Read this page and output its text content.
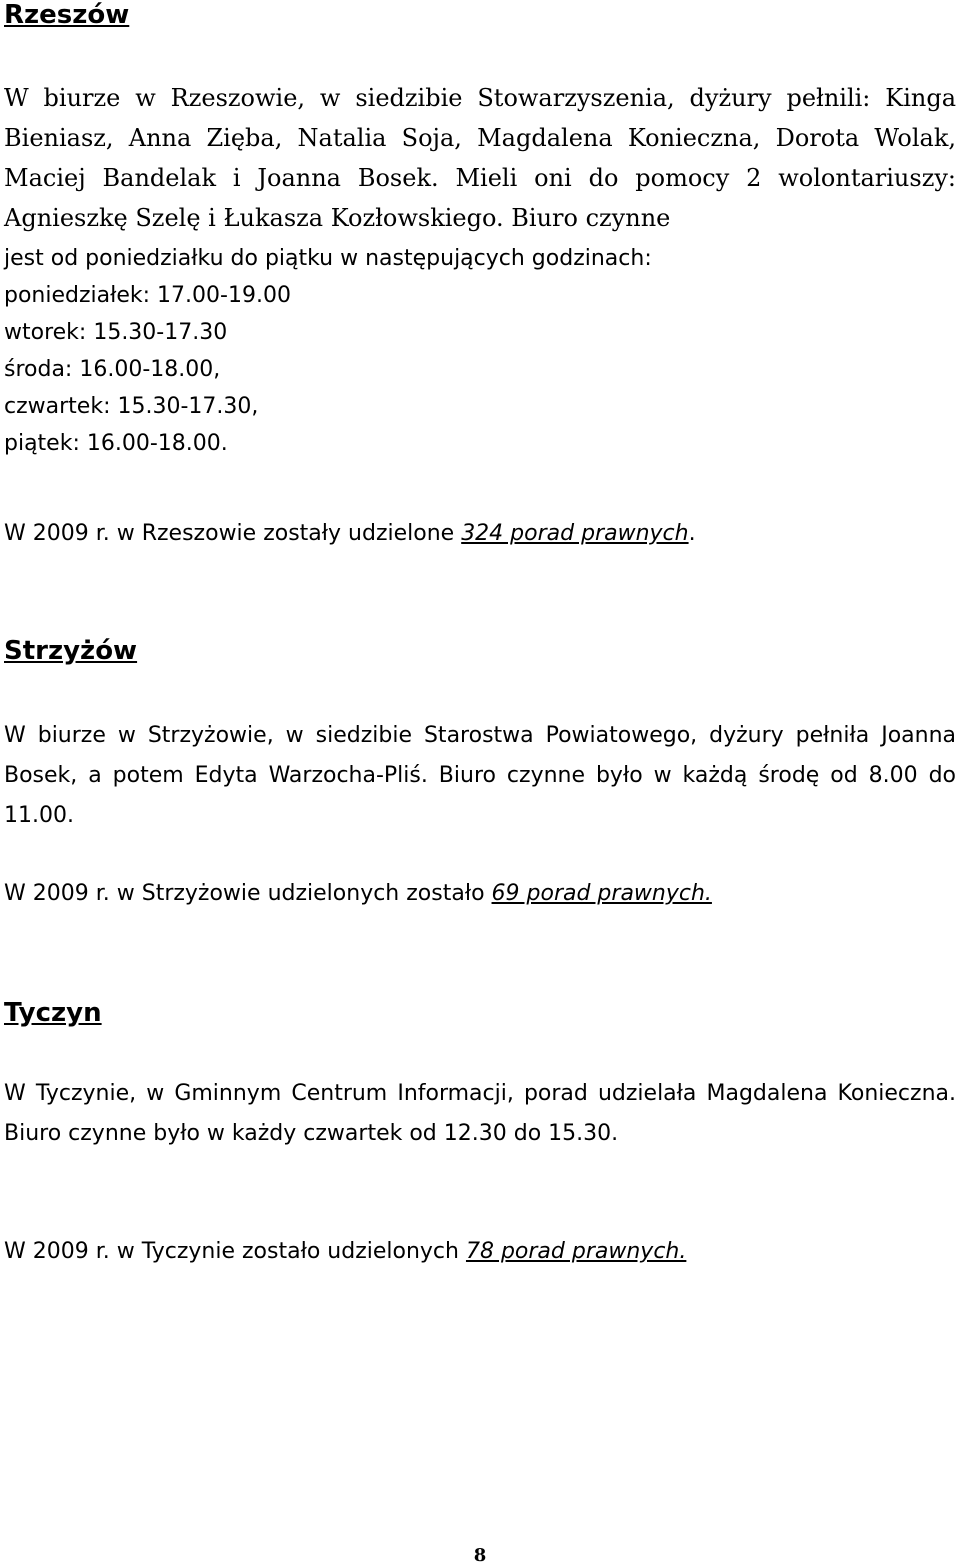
Rzeszów

W biurze w Rzeszowie, w siedzibie Stowarzyszenia, dyżury pełnili: Kinga Bieniasz, Anna Zięba, Natalia Soja, Magdalena Konieczna, Dorota Wolak, Maciej Bandelak i Joanna Bosek. Mieli oni do pomocy 2 wolontariuszy: Agnieszkę Szelę i Łukasza Kozłowskiego. Biuro czynne

jest od poniedziałku do piątku w następujących godzinach:
poniedziałek: 17.00-19.00
wtorek: 15.30-17.30
środa: 16.00-18.00,
czwartek: 15.30-17.30,
piątek: 16.00-18.00.

W 2009 r. w Rzeszowie zostały udzielone 324 porad prawnych.

Strzyżów

W biurze w Strzyżowie, w siedzibie Starostwa Powiatowego, dyżury pełniła Joanna Bosek, a potem Edyta Warzocha-Pliś. Biuro czynne było w każdą środę od 8.00 do 11.00.

W 2009 r. w Strzyżowie udzielonych zostało 69 porad prawnych.

Tyczyn

W Tyczynie, w Gminnym Centrum Informacji, porad udzielała Magdalena Konieczna. Biuro czynne było w każdy czwartek od 12.30 do 15.30.

W 2009 r. w Tyczynie zostało udzielonych 78 porad prawnych.

8
